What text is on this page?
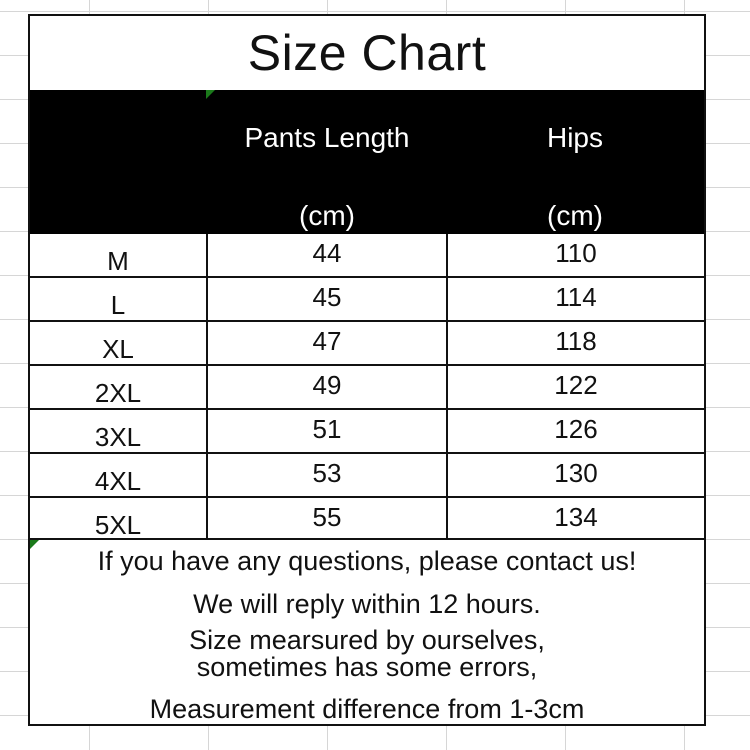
Size Chart
Pants Length
(cm)
Hips
(cm)
M	44	110
L	45	114
XL	47	118
2XL	49	122
3XL	51	126
4XL	53	130
5XL	55	134
If you have any questions, please contact us!
We will reply within 12 hours.
Size mearsured by ourselves,
sometimes has some errors,
Measurement difference from 1-3cm
